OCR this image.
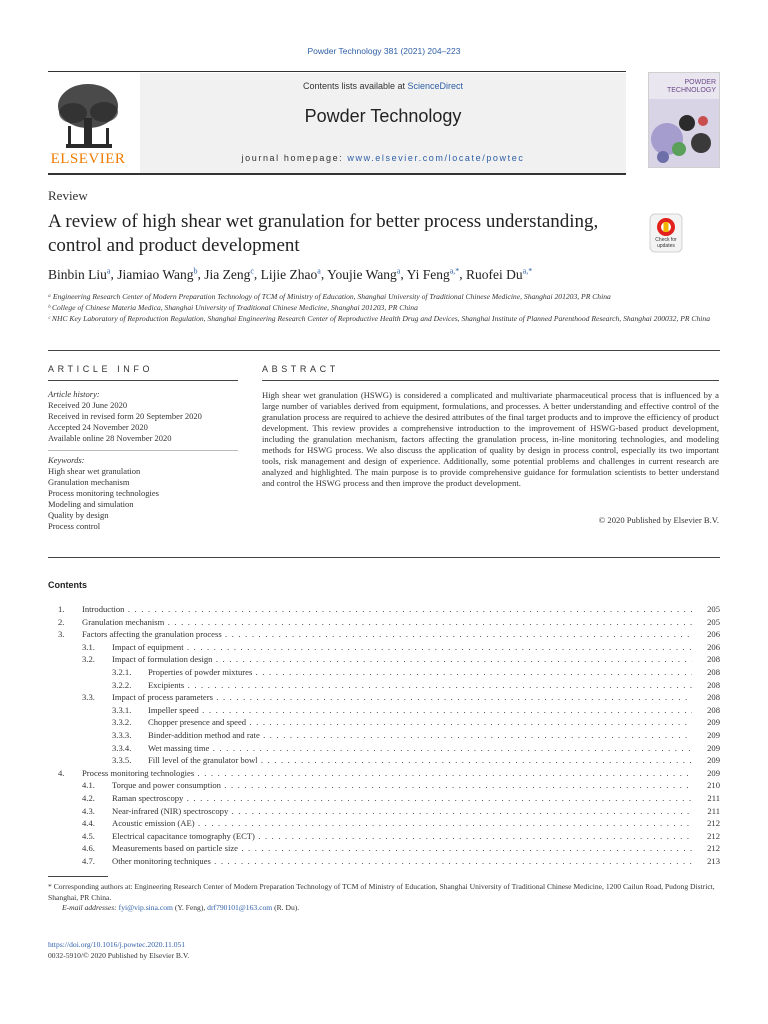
Powder Technology 381 (2021) 204–223
ELSEVIER
Contents lists available at ScienceDirect
Powder Technology
journal homepage: www.elsevier.com/locate/powtec
POWDER
TECHNOLOGY
Review
A review of high shear wet granulation for better process understanding, control and product development	Check for
updates
Binbin Liu$^a$, Jiamiao Wang$^b$, Jia Zeng$^c$, Lijie Zhao$^a$, Youjie Wang$^a$, Yi Feng$^{a,*}$, Ruofei $Du^{a,*}$
ᵃ Engineering Research Center of Modern Preparation Technology of TCM of Ministry of Education, Shanghai University of Traditional Chinese Medicine, Shanghai 201203, PR China
ᵇ College of Chinese Materia Medica, Shanghai University of Traditional Chinese Medicine, Shanghai 201203, PR China
ᶜ NHC Key Laboratory of Reproduction Regulation, Shanghai Engineering Research Center of Reproductive Health Drug and Devices, Shanghai Institute of Planned Parenthood Research, Shanghai 200032, PR China
ARTICLE INFO	ABSTRACT
Article history:
Received 20 June 2020
Received in revised form 20 September 2020
Accepted 24 November 2020
Available online 28 November 2020
Keywords:
High shear wet granulation
Granulation mechanism
Process monitoring technologies
Modeling and simulation
Quality by design
Process control
High shear wet granulation (HSWG) is considered a complicated and multivariate pharmaceutical process that is influenced by a large number of variables derived from equipment, formulations, and processes. A better understanding and effective control of the granulation process are required to achieve the desired attributes of the final target products and to improve the efficiency of product development. This review provides a comprehensive introduction to the improvement of HSWG-based product development, including the granulation mechanism, factors affecting the granulation process, in-line monitoring technologies, and modeling methods for HSWG process. We also discuss the application of quality by design in process control, especially its two important tools, risk management and design of experience. Additionally, some potential problems and challenges in current research are analyzed and highlighted. The main purpose is to provide comprehensive guidance for formulation scientists to better understand and control the HSWG process and then improve the product development.
© 2020 Published by Elsevier B.V.
Contents
1. Introduction . . .	205
2. Granulation mechanism . . .	205
3. Factors affecting the granulation process . . .	206
3.1. Impact of equipment . . .	206
3.2. Impact of formulation design . . .	208
3.2.1. Properties of powder mixtures . . .	208
3.2.2. Excipients . . .	208
3.3. Impact of process parameters . . .	208
3.3.1. Impeller speed . . .	208
3.3.2. Chopper presence and speed . . .	209
3.3.3. Binder-addition method and rate . . .	209
3.3.4. Wet massing time . . .	209
3.3.5. Fill level of the granulator bowl . . .	209
4. Process monitoring technologies . . .	209
4.1. Torque and power consumption . . .	210
4.2. Raman spectroscopy . . .	211
4.3. Near-infrared (NIR) spectroscopy . . .	211
4.4. Acoustic emission (AE) . . .	212
4.5. Electrical capacitance tomography (ECT) . . .	212
4.6. Measurements based on particle size . . .	212
4.7. Other monitoring techniques . . .	213
* Corresponding authors at: Engineering Research Center of Modern Preparation Technology of TCM of Ministry of Education, Shanghai University of Traditional Chinese Medicine, 1200 Cailun Road, Pudong District, Shanghai, PR China.
E-mail addresses: fyi@vip.sina.com (Y. Feng), drf790101@163.com (R. Du).
https://doi.org/10.1016/j.powtec.2020.11.051
0032-5910/© 2020 Published by Elsevier B.V.
